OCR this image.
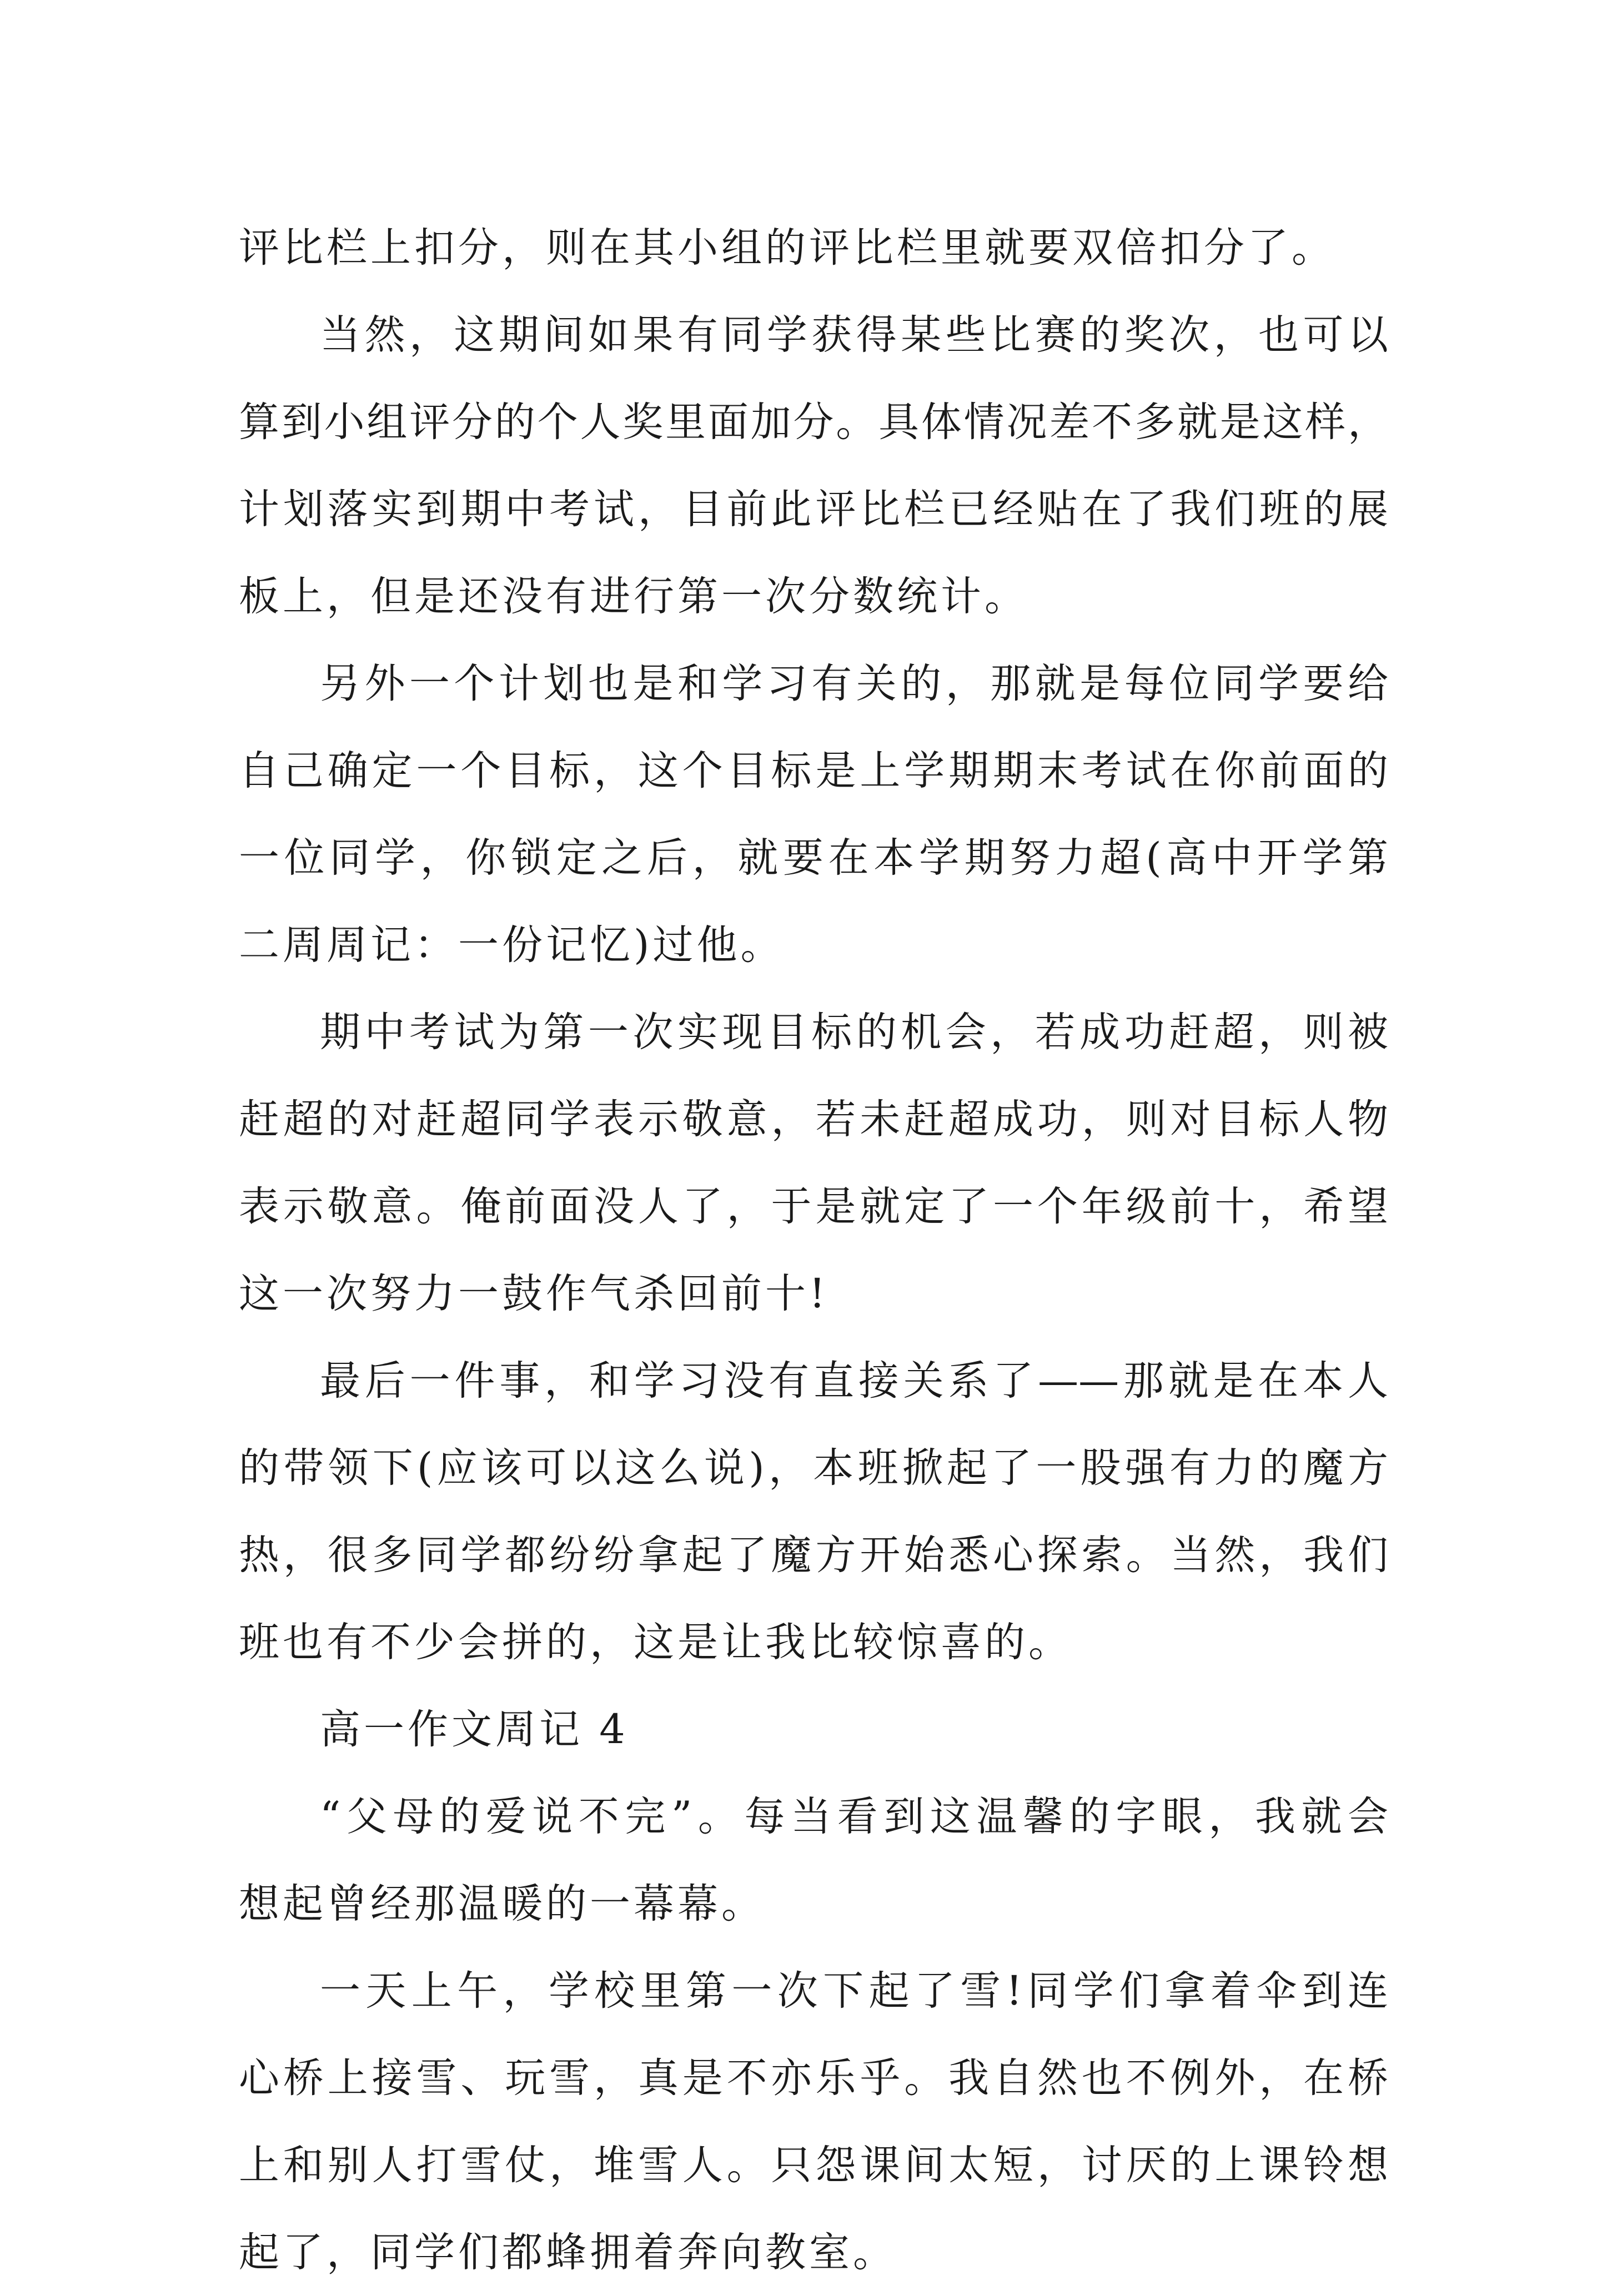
评比栏上扣分，则在其小组的评比栏里就要双倍扣分了。
当然，这期间如果有同学获得某些比赛的奖次，也可以
算到小组评分的个人奖里面加分。具体情况差不多就是这样，
计划落实到期中考试，目前此评比栏已经贴在了我们班的展
板上，但是还没有进行第一次分数统计。
另外一个计划也是和学习有关的，那就是每位同学要给
自己确定一个目标，这个目标是上学期期末考试在你前面的
一位同学，你锁定之后，就要在本学期努力超(高中开学第
二周周记：一份记忆)过他。
期中考试为第一次实现目标的机会，若成功赶超，则被
赶超的对赶超同学表示敬意，若未赶超成功，则对目标人物
表示敬意。俺前面没人了，于是就定了一个年级前十，希望
这一次努力一鼓作气杀回前十!
最后一件事，和学习没有直接关系了——那就是在本人
的带领下(应该可以这么说)，本班掀起了一股强有力的魔方
热，很多同学都纷纷拿起了魔方开始悉心探索。当然，我们
班也有不少会拼的，这是让我比较惊喜的。
高一作文周记 4
“父母的爱说不完”。每当看到这温馨的字眼，我就会
想起曾经那温暖的一幕幕。
一天上午，学校里第一次下起了雪!同学们拿着伞到连
心桥上接雪、玩雪，真是不亦乐乎。我自然也不例外，在桥
上和别人打雪仗，堆雪人。只怨课间太短，讨厌的上课铃想
起了，同学们都蜂拥着奔向教室。
